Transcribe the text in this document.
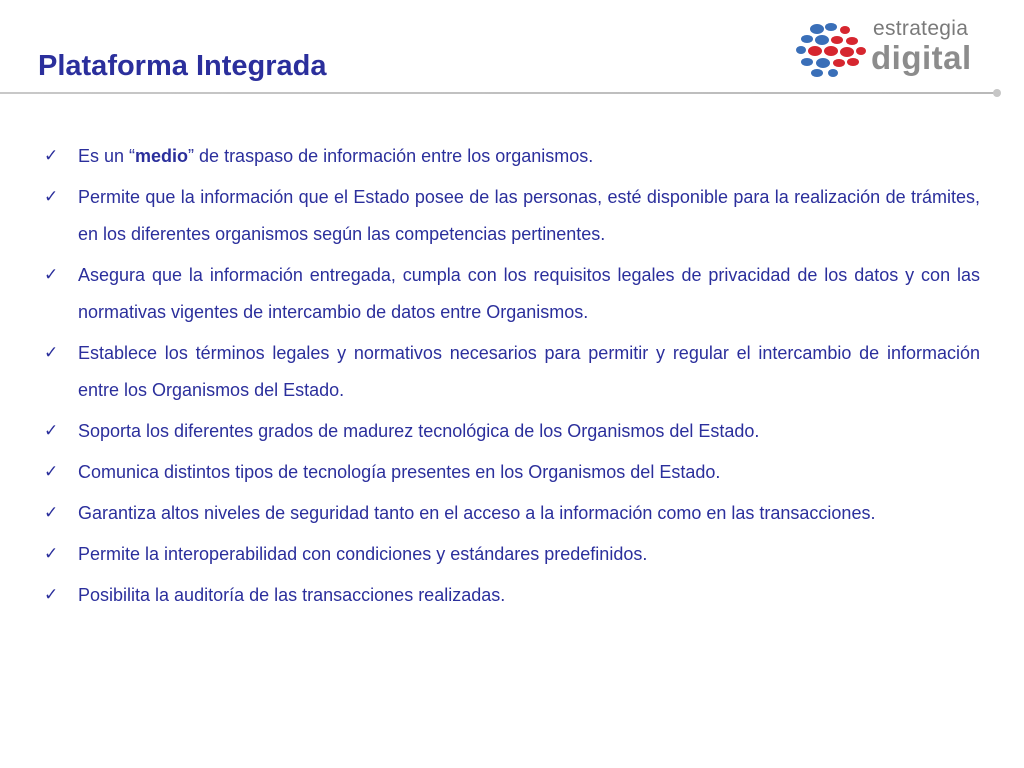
Plataforma Integrada
estrategia
digital
✓ Es un “medio” de traspaso de información entre los organismos.
✓ Permite que la información que el Estado posee de las personas, esté disponible para la realización de trámites, en los diferentes organismos según las competencias pertinentes.
✓ Asegura que la información entregada, cumpla con los requisitos legales de privacidad de los datos y con las normativas vigentes de intercambio de datos entre Organismos.
✓ Establece los términos legales y normativos necesarios para permitir y regular el intercambio de información entre los Organismos del Estado.
✓ Soporta los diferentes grados de madurez tecnológica de los Organismos del Estado.
✓ Comunica distintos tipos de tecnología presentes en los Organismos del Estado.
✓ Garantiza altos niveles de seguridad tanto en el acceso a la información como en las transacciones.
✓ Permite la interoperabilidad con condiciones y estándares predefinidos.
✓ Posibilita la auditoría de las transacciones realizadas.
